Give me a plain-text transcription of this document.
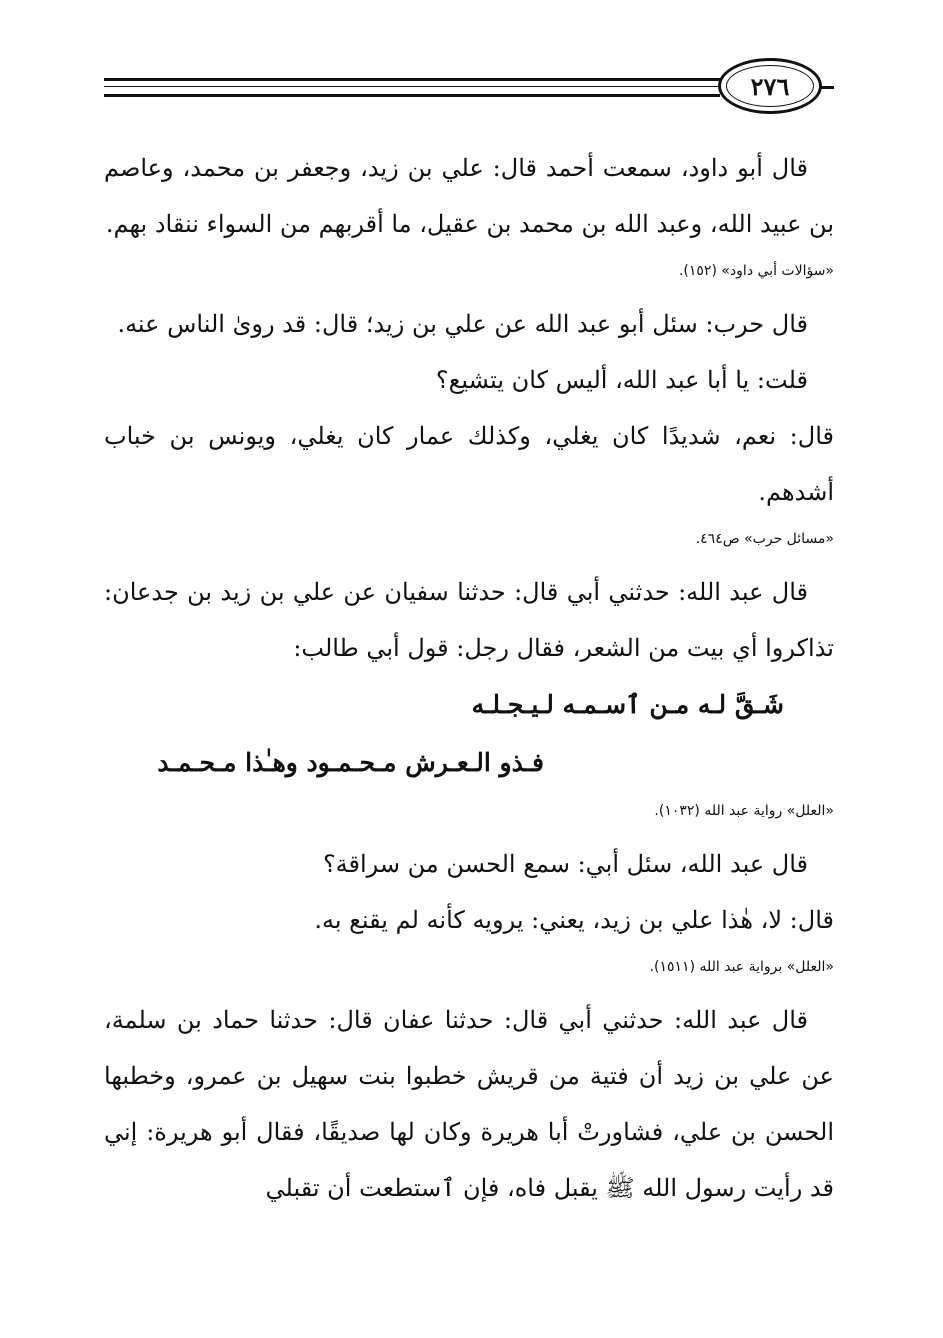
٢٧٦

قال أبو داود، سمعت أحمد قال: علي بن زيد، وجعفر بن محمد، وعاصم بن عبيد الله، وعبد الله بن محمد بن عقيل، ما أقربهم من السواء ننقاد بهم.

«سؤالات أبي داود» (١٥٢).

قال حرب: سئل أبو عبد الله عن علي بن زيد؛ قال: قد روىٰ الناس عنه.

قلت: يا أبا عبد الله، أليس كان يتشيع؟

قال: نعم، شديدًا كان يغلي، وكذلك عمار كان يغلي، ويونس بن خباب أشدهم.

«مسائل حرب» ص٤٦٤.

قال عبد الله: حدثني أبي قال: حدثنا سفيان عن علي بن زيد بن جدعان: تذاكروا أي بيت من الشعر، فقال رجل: قول أبي طالب:

شَـقَّ لـه مـن ٱسـمـه لـيـجـلـه

فـذو الـعـرش مـحـمـود وهـٰذا مـحـمـد

«العلل» رواية عبد الله (١٠٣٢).

قال عبد الله، سئل أبي: سمع الحسن من سراقة؟

قال: لا، هٰذا علي بن زيد، يعني: يرويه كأنه لم يقنع به.

«العلل» برواية عبد الله (١٥١١).

قال عبد الله: حدثني أبي قال: حدثنا عفان قال: حدثنا حماد بن سلمة، عن علي بن زيد أن فتية من قريش خطبوا بنت سهيل بن عمرو، وخطبها الحسن بن علي، فشاورتْ أبا هريرة وكان لها صديقًا، فقال أبو هريرة: إني قد رأيت رسول الله ﷺ يقبل فاه، فإن ٱستطعت أن تقبلي
